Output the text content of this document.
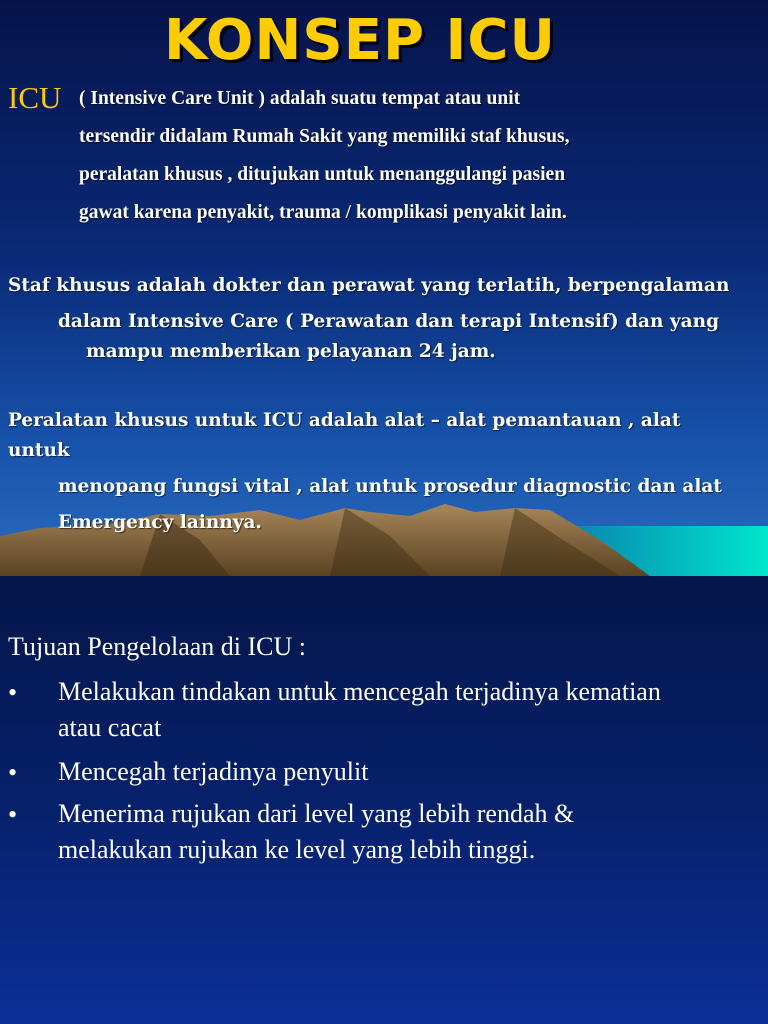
KONSEP ICU
ICU ( Intensive Care Unit ) adalah suatu tempat atau unit
tersendir didalam Rumah Sakit yang memiliki staf khusus,
peralatan khusus , ditujukan untuk menanggulangi pasien
gawat karena penyakit, trauma / komplikasi penyakit lain.
Staf khusus adalah dokter dan perawat yang terlatih, berpengalaman
dalam Intensive Care ( Perawatan dan terapi Intensif) dan yang
mampu memberikan pelayanan 24 jam.
Peralatan khusus untuk ICU adalah alat – alat pemantauan , alat
untuk
menopang fungsi vital , alat untuk prosedur diagnostic dan alat
Emergency lainnya.
Tujuan Pengelolaan di ICU :
• Melakukan tindakan untuk mencegah terjadinya kematian atau cacat
• Mencegah terjadinya penyulit
• Menerima rujukan dari level yang lebih rendah & melakukan rujukan ke level yang lebih tinggi.
